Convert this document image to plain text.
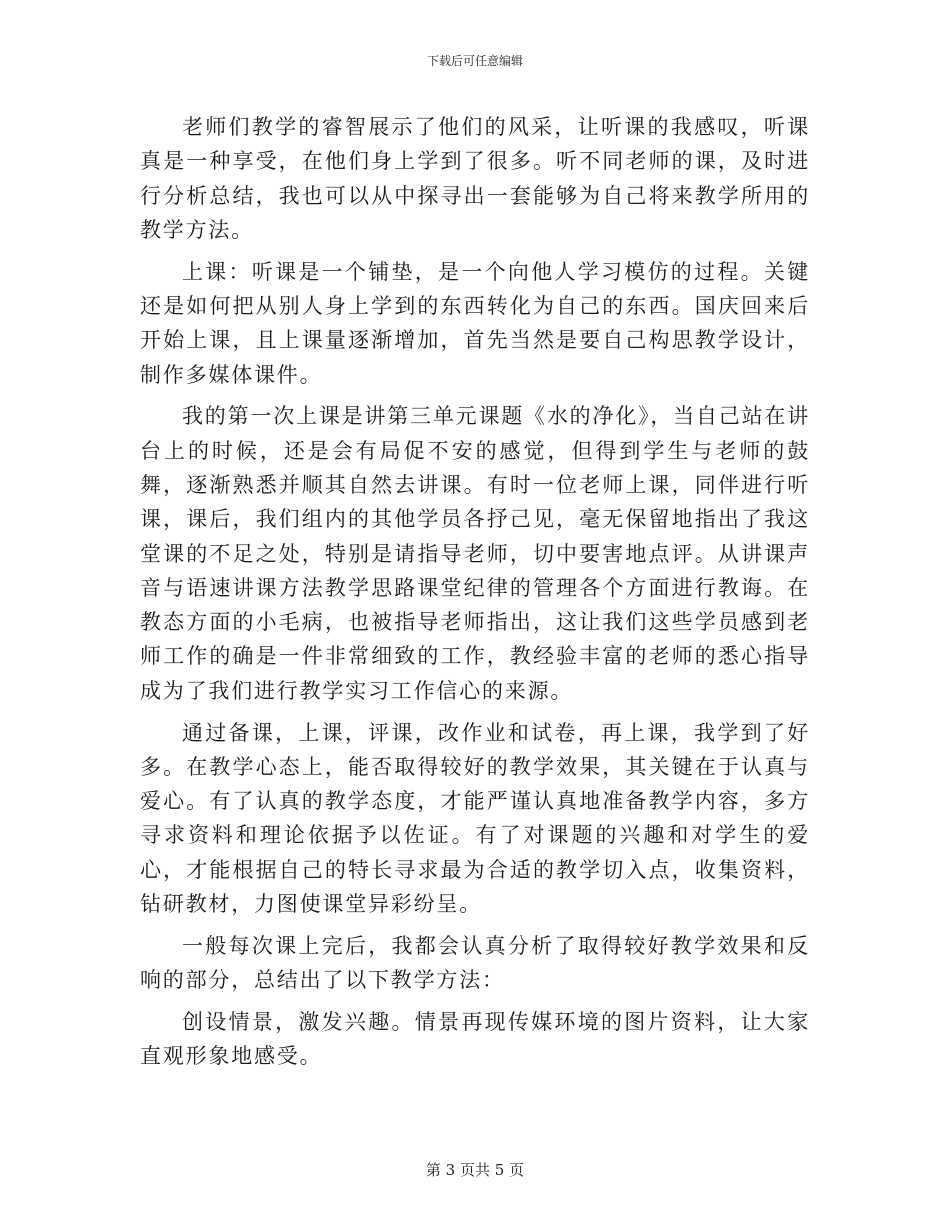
下载后可任意编辑

老师们教学的睿智展示了他们的风采，让听课的我感叹，听课真是一种享受，在他们身上学到了很多。听不同老师的课，及时进行分析总结，我也可以从中探寻出一套能够为自己将来教学所用的教学方法。

上课：听课是一个铺垫，是一个向他人学习模仿的过程。关键还是如何把从别人身上学到的东西转化为自己的东西。国庆回来后开始上课，且上课量逐渐增加，首先当然是要自己构思教学设计，制作多媒体课件。

我的第一次上课是讲第三单元课题《水的净化》，当自己站在讲台上的时候，还是会有局促不安的感觉，但得到学生与老师的鼓舞，逐渐熟悉并顺其自然去讲课。有时一位老师上课，同伴进行听课，课后，我们组内的其他学员各抒己见，毫无保留地指出了我这堂课的不足之处，特别是请指导老师，切中要害地点评。从讲课声音与语速讲课方法教学思路课堂纪律的管理各个方面进行教诲。在教态方面的小毛病，也被指导老师指出，这让我们这些学员感到老师工作的确是一件非常细致的工作，教经验丰富的老师的悉心指导成为了我们进行教学实习工作信心的来源。

通过备课，上课，评课，改作业和试卷，再上课，我学到了好多。在教学心态上，能否取得较好的教学效果，其关键在于认真与爱心。有了认真的教学态度，才能严谨认真地准备教学内容，多方寻求资料和理论依据予以佐证。有了对课题的兴趣和对学生的爱心，才能根据自己的特长寻求最为合适的教学切入点，收集资料，钻研教材，力图使课堂异彩纷呈。

一般每次课上完后，我都会认真分析了取得较好教学效果和反响的部分，总结出了以下教学方法：

创设情景，激发兴趣。情景再现传媒环境的图片资料，让大家直观形象地感受。

第 3 页共 5 页
